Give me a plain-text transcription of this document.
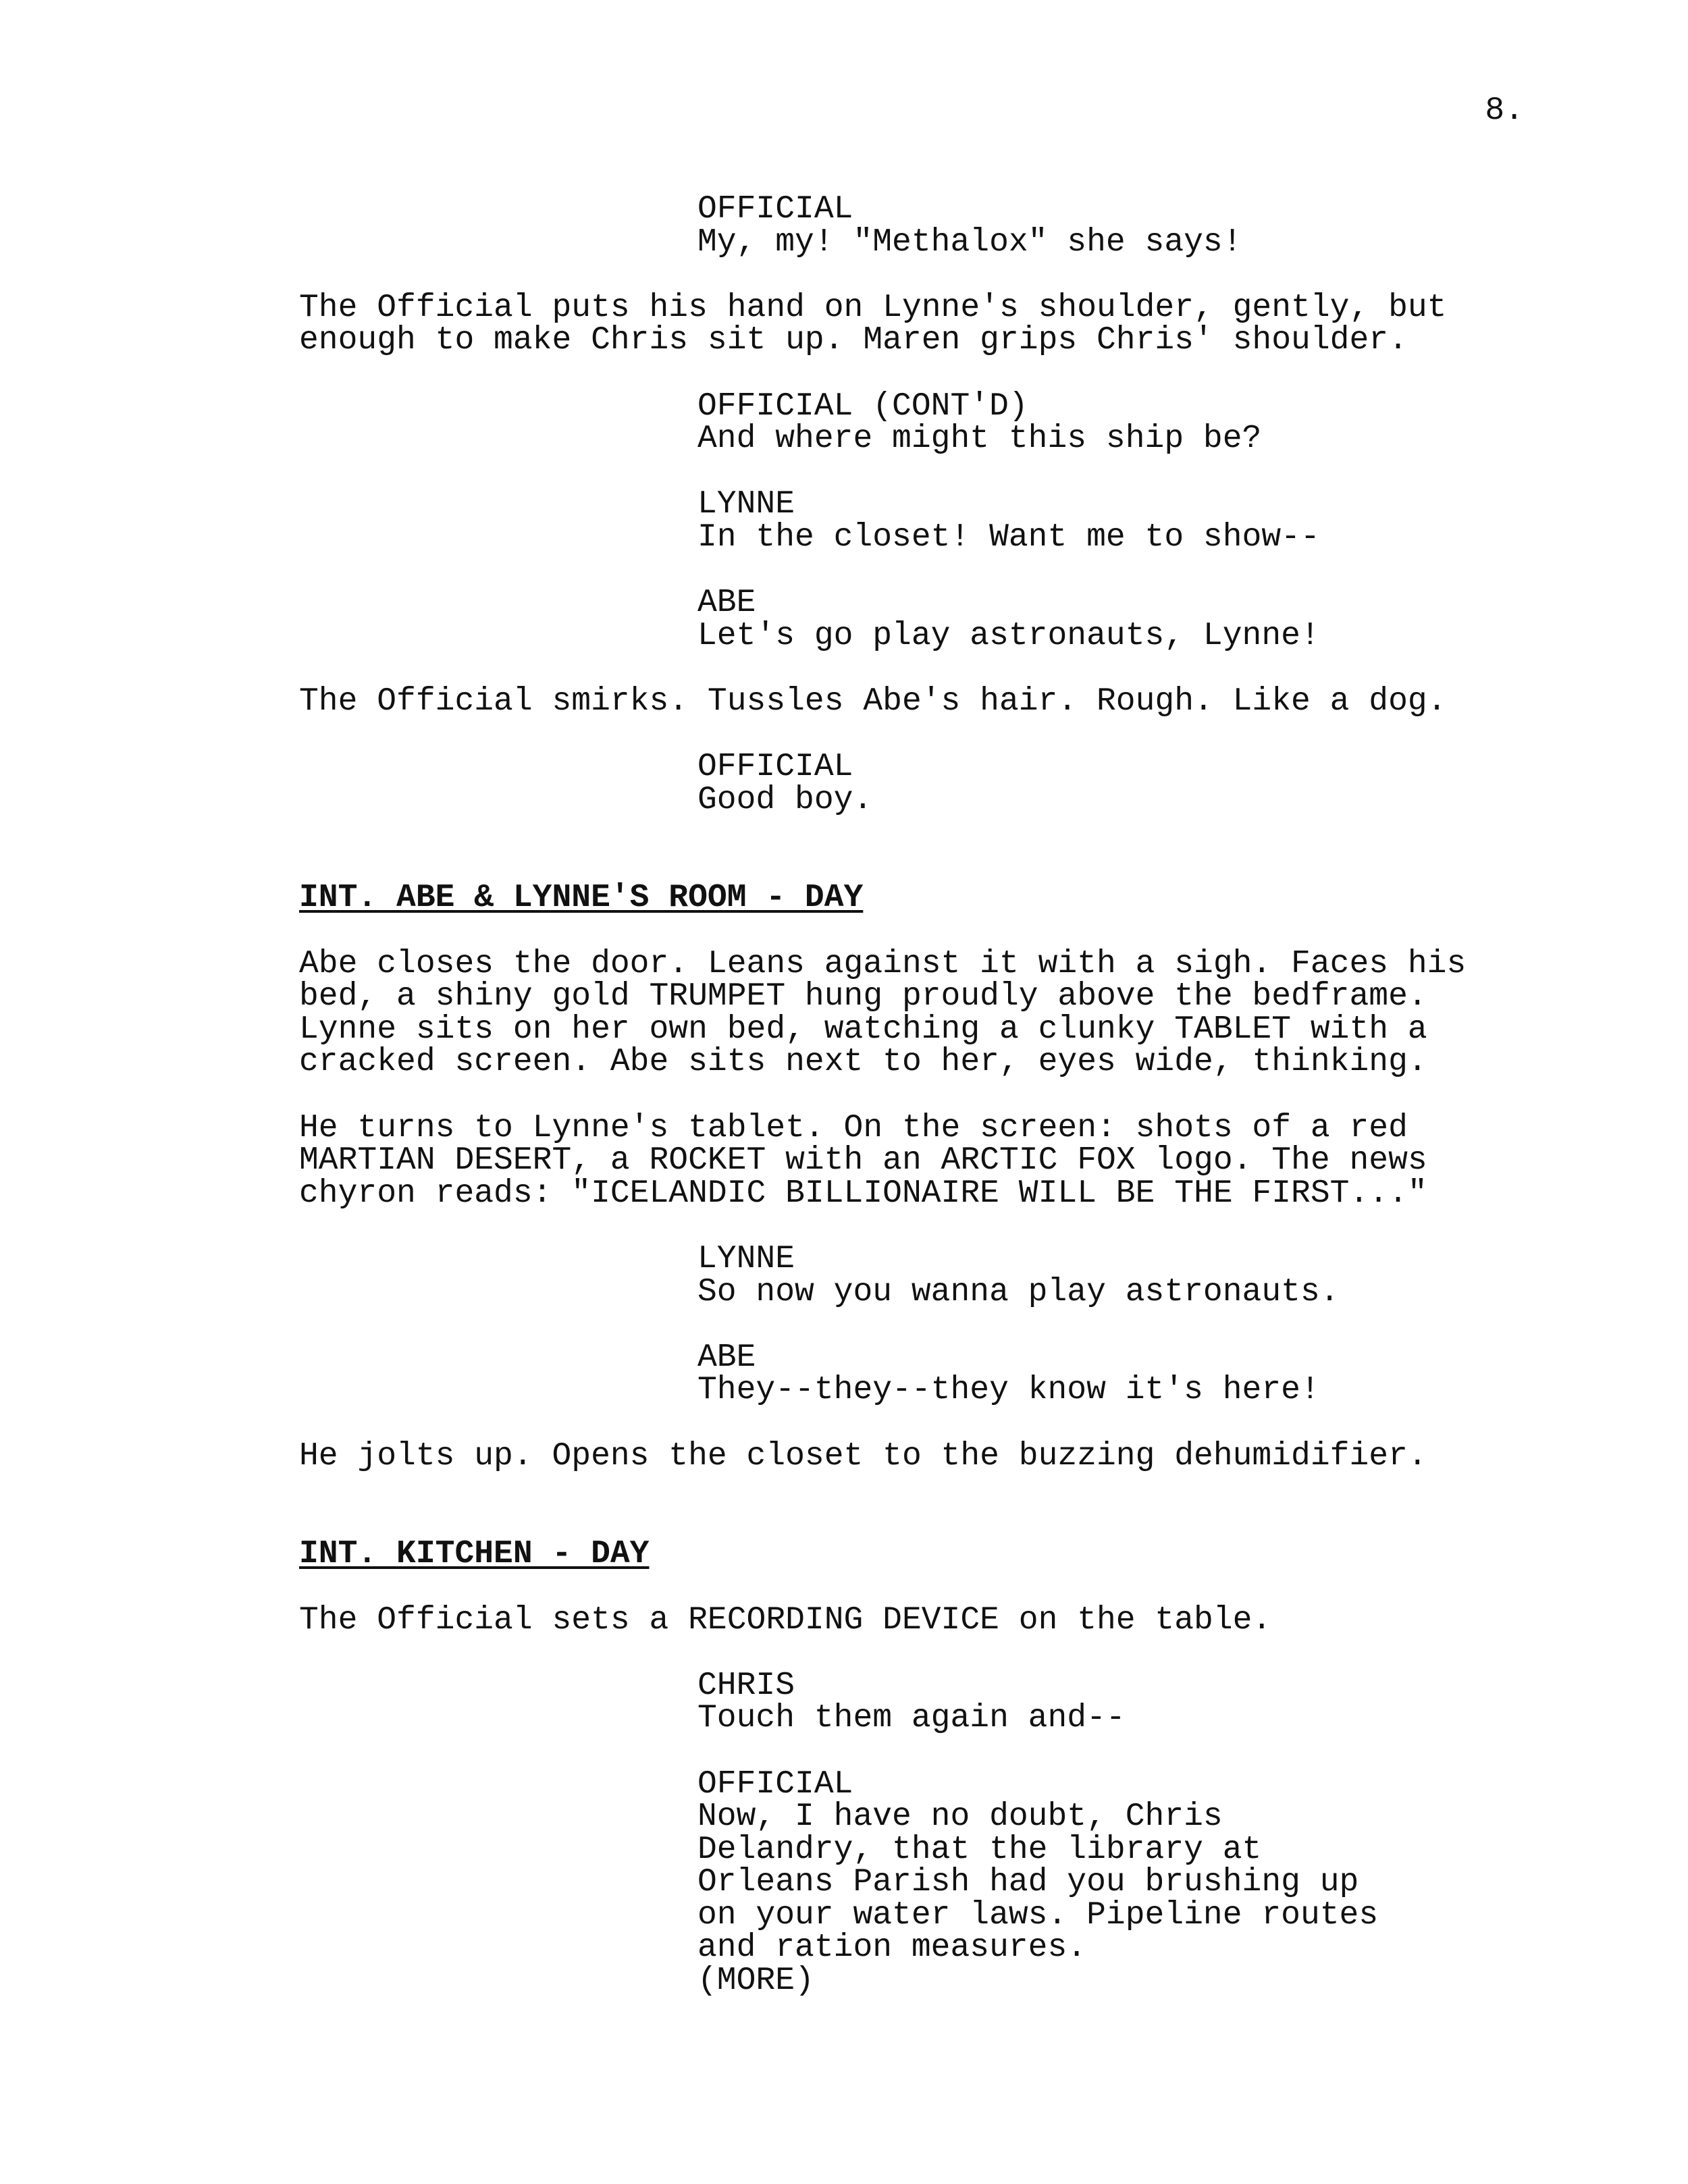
8.
OFFICIAL
My, my! "Methalox" she says!
The Official puts his hand on Lynne's shoulder, gently, but
enough to make Chris sit up. Maren grips Chris' shoulder.
OFFICIAL (CONT'D)
And where might this ship be?
LYNNE
In the closet! Want me to show--
ABE
Let's go play astronauts, Lynne!
The Official smirks. Tussles Abe's hair. Rough. Like a dog.
OFFICIAL
Good boy.
INT. ABE & LYNNE'S ROOM - DAY
Abe closes the door. Leans against it with a sigh. Faces his
bed, a shiny gold TRUMPET hung proudly above the bedframe.
Lynne sits on her own bed, watching a clunky TABLET with a
cracked screen. Abe sits next to her, eyes wide, thinking.
He turns to Lynne's tablet. On the screen: shots of a red
MARTIAN DESERT, a ROCKET with an ARCTIC FOX logo. The news
chyron reads: "ICELANDIC BILLIONAIRE WILL BE THE FIRST..."
LYNNE
So now you wanna play astronauts.
ABE
They--they--they know it's here!
He jolts up. Opens the closet to the buzzing dehumidifier.
INT. KITCHEN - DAY
The Official sets a RECORDING DEVICE on the table.
CHRIS
Touch them again and--
OFFICIAL
Now, I have no doubt, Chris
Delandry, that the library at
Orleans Parish had you brushing up
on your water laws. Pipeline routes
and ration measures.
(MORE)
